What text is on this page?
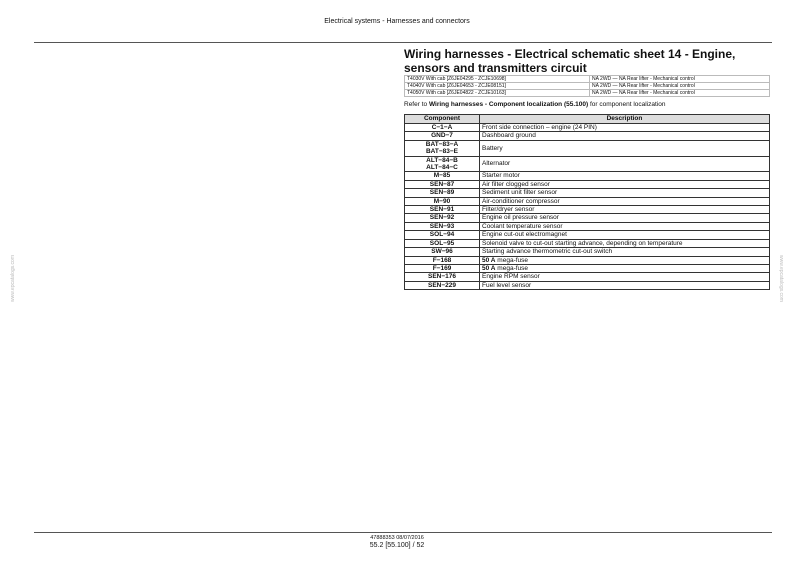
Electrical systems - Harnesses and connectors
Wiring harnesses - Electrical schematic sheet 14 - Engine, sensors and transmitters circuit
T4030V With cab [Z6JE04295 - ZCJE10698]	NA 2WD — NA Rear lifter - Mechanical control
T4040V With cab [Z6JE04653 - ZCJE08151]	NA 2WD — NA Rear lifter - Mechanical control
T4050V With cab [Z6JE04822 - ZCJE10163]	NA 2WD — NA Rear lifter - Mechanical control
Refer to Wiring harnesses - Component localization (55.100) for component localization
Component	Description
C−1−A	Front side connection – engine (24 PIN)
GND−7	Dashboard ground
BAT−83−A
BAT−83−E	Battery
ALT−84−B
ALT−84−C	Alternator
M−85	Starter motor
SEN−87	Air filter clogged sensor
SEN−89	Sediment unit filter sensor
M−90	Air-conditioner compressor
SEN−91	Filter/dryer sensor
SEN−92	Engine oil pressure sensor
SEN−93	Coolant temperature sensor
SOL−94	Engine cut-out electromagnet
SOL−95	Solenoid valve to cut-out starting advance, depending on temperature
SW−96	Starting advance thermometric cut-out switch
F−168	50 A mega-fuse
F−169	50 A mega-fuse
SEN−176	Engine RPM sensor
SEN−229	Fuel level sensor
www.epcatalogs.com	www.epcatalogs.com
47888353 08/07/2016
55.2 [55.100] / 52
